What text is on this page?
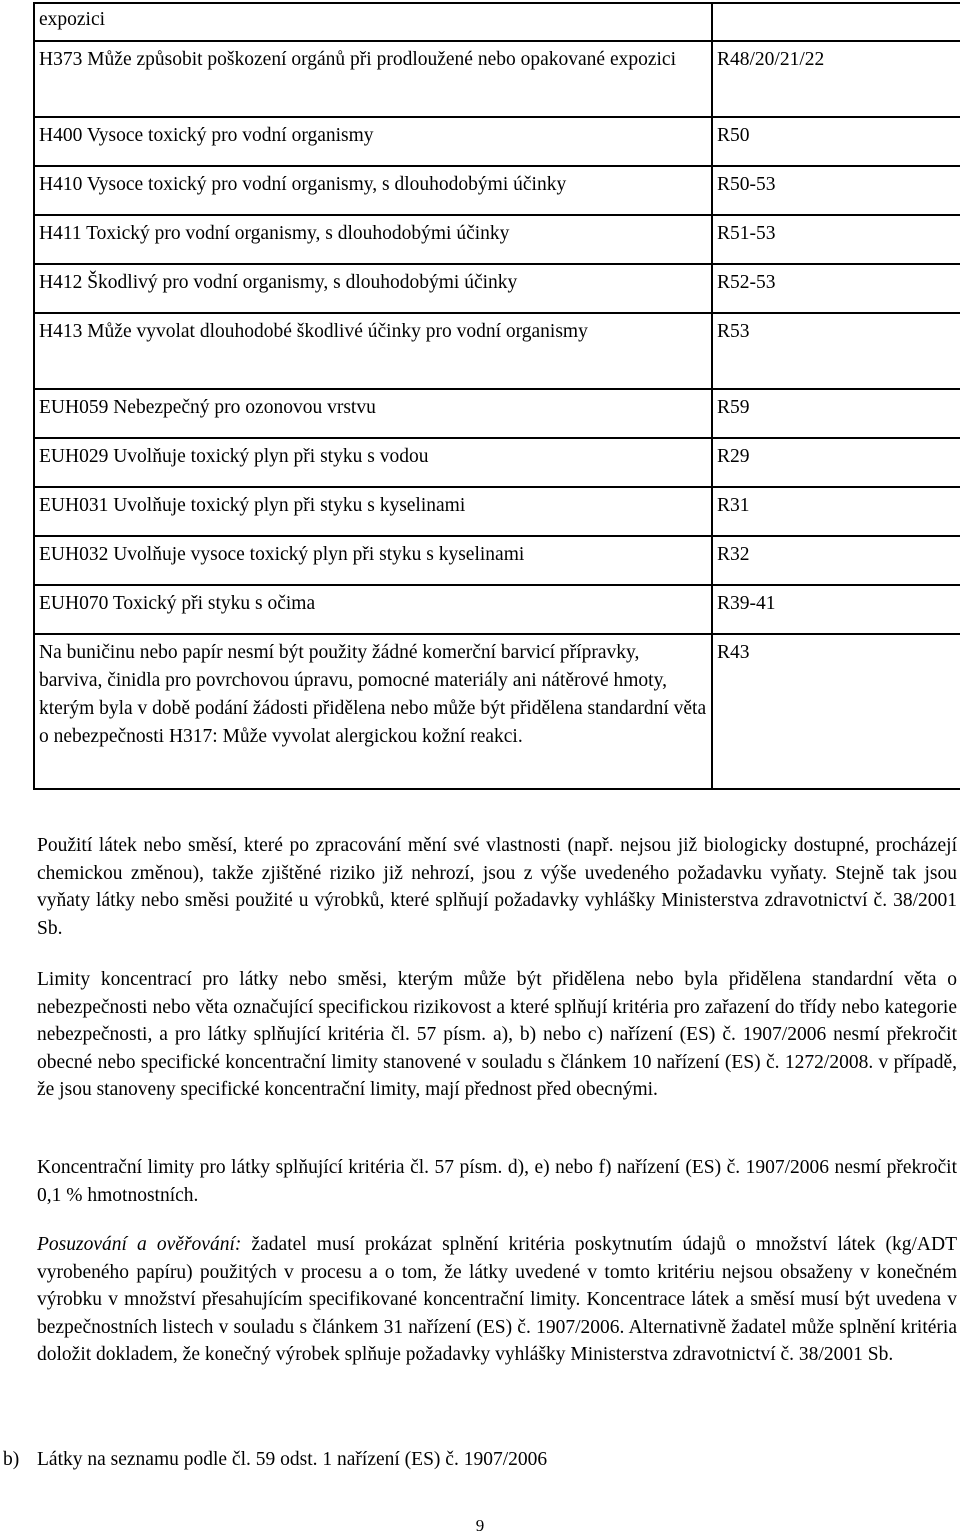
expozici	
H373 Může způsobit poškození orgánů při prodloužené nebo opakované expozici	R48/20/21/22
H400 Vysoce toxický pro vodní organismy	R50
H410 Vysoce toxický pro vodní organismy, s dlouhodobými účinky	R50-53
H411 Toxický pro vodní organismy, s dlouhodobými účinky	R51-53
H412 Škodlivý pro vodní organismy, s dlouhodobými účinky	R52-53
H413 Může vyvolat dlouhodobé škodlivé účinky pro vodní organismy	R53
EUH059 Nebezpečný pro ozonovou vrstvu	R59
EUH029 Uvolňuje toxický plyn při styku s vodou	R29
EUH031 Uvolňuje toxický plyn při styku s kyselinami	R31
EUH032 Uvolňuje vysoce toxický plyn při styku s kyselinami	R32
EUH070 Toxický při styku s očima	R39-41
Na buničinu nebo papír nesmí být použity žádné komerční barvicí přípravky, barviva, činidla pro povrchovou úpravu, pomocné materiály ani nátěrové hmoty, kterým byla v době podání žádosti přidělena nebo může být přidělena standardní věta o nebezpečnosti H317: Může vyvolat alergickou kožní reakci.	R43
Použití látek nebo směsí, které po zpracování mění své vlastnosti (např. nejsou již biologicky dostupné, procházejí chemickou změnou), takže zjištěné riziko již nehrozí, jsou z výše uvedeného požadavku vyňaty. Stejně tak jsou vyňaty látky nebo směsi použité u výrobků, které splňují požadavky vyhlášky Ministerstva zdravotnictví č. 38/2001 Sb.
Limity koncentrací pro látky nebo směsi, kterým může být přidělena nebo byla přidělena standardní věta o nebezpečnosti nebo věta označující specifickou rizikovost a které splňují kritéria pro zařazení do třídy nebo kategorie nebezpečnosti, a pro látky splňující kritéria čl. 57 písm. a), b) nebo c) nařízení (ES) č. 1907/2006 nesmí překročit obecné nebo specifické koncentrační limity stanovené v souladu s článkem 10 nařízení (ES) č. 1272/2008. v případě, že jsou stanoveny specifické koncentrační limity, mají přednost před obecnými.
Koncentrační limity pro látky splňující kritéria čl. 57 písm. d), e) nebo f) nařízení (ES) č. 1907/2006 nesmí překročit 0,1 % hmotnostních.
Posuzování a ověřování: žadatel musí prokázat splnění kritéria poskytnutím údajů o množství látek (kg/ADT vyrobeného papíru) použitých v procesu a o tom, že látky uvedené v tomto kritériu nejsou obsaženy v konečném výrobku v množství přesahujícím specifikované koncentrační limity. Koncentrace látek a směsí musí být uvedena v bezpečnostních listech v souladu s článkem 31 nařízení (ES) č. 1907/2006. Alternativně žadatel může splnění kritéria doložit dokladem, že konečný výrobek splňuje požadavky vyhlášky Ministerstva zdravotnictví č. 38/2001 Sb.
b) Látky na seznamu podle čl. 59 odst. 1 nařízení (ES) č. 1907/2006
9
